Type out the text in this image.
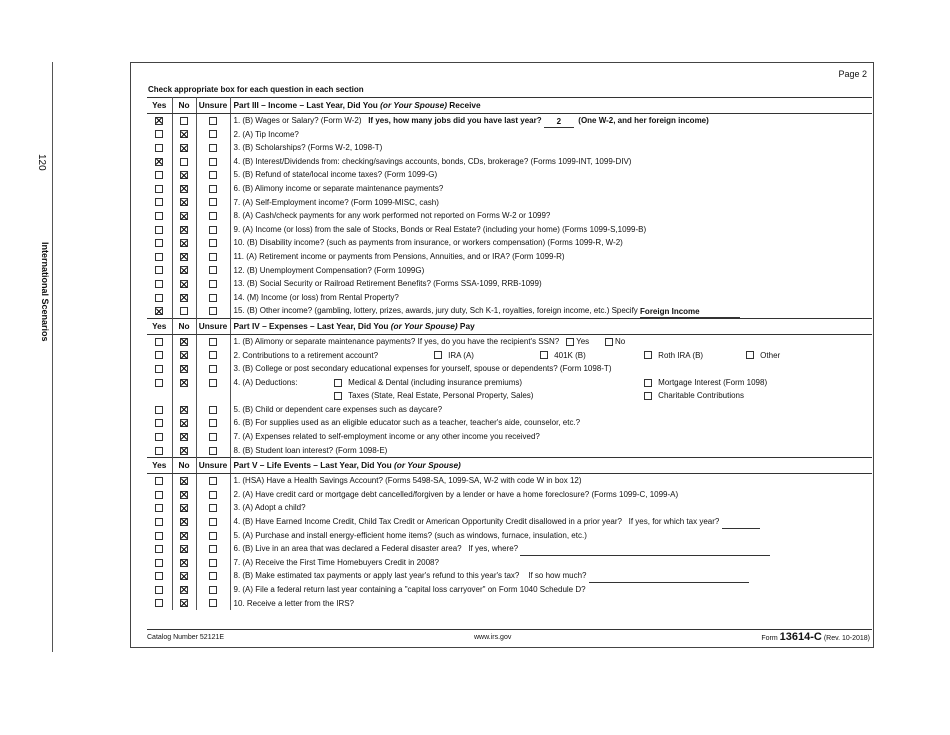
120
International Scenarios
Page 2
Check appropriate box for each question in each section
Yes	No	Unsure	Part III – Income – Last Year, Did You (or Your Spouse) Receive
			1. (B) Wages or Salary? (Form W-2) If yes, how many jobs did you have last year? 2 (One W-2, and her foreign income)
			2. (A) Tip Income?
			3. (B) Scholarships? (Forms W-2, 1098-T)
			4. (B) Interest/Dividends from: checking/savings accounts, bonds, CDs, brokerage? (Forms 1099-INT, 1099-DIV)
			5. (B) Refund of state/local income taxes? (Form 1099-G)
			6. (B) Alimony income or separate maintenance payments?
			7. (A) Self-Employment income? (Form 1099-MISC, cash)
			8. (A) Cash/check payments for any work performed not reported on Forms W-2 or 1099?
			9. (A) Income (or loss) from the sale of Stocks, Bonds or Real Estate? (including your home) (Forms 1099-S,1099-B)
			10. (B) Disability income? (such as payments from insurance, or workers compensation) (Forms 1099-R, W-2)
			11. (A) Retirement income or payments from Pensions, Annuities, and or IRA? (Form 1099-R)
			12. (B) Unemployment Compensation? (Form 1099G)
			13. (B) Social Security or Railroad Retirement Benefits? (Forms SSA-1099, RRB-1099)
			14. (M) Income (or loss) from Rental Property?
			15. (B) Other income? (gambling, lottery, prizes, awards, jury duty, Sch K-1, royalties, foreign income, etc.) Specify Foreign Income
Yes	No	Unsure	Part IV – Expenses – Last Year, Did You (or Your Spouse) Pay
			1. (B) Alimony or separate maintenance payments? If yes, do you have the recipient's SSN? Yes No

			2. Contributions to a retirement account? IRA (A) 401K (B) Roth IRA (B) Other

			3. (B) College or post secondary educational expenses for yourself, spouse or dependents? (Form 1098-T)

			4. (A) Deductions: Medical & Dental (including insurance premiums) Mortgage Interest (Form 1098)

			Taxes (State, Real Estate, Personal Property, Sales) Charitable Contributions

			5. (B) Child or dependent care expenses such as daycare?
			6. (B) For supplies used as an eligible educator such as a teacher, teacher's aide, counselor, etc.?
			7. (A) Expenses related to self-employment income or any other income you received?
			8. (B) Student loan interest? (Form 1098-E)
Yes	No	Unsure	Part V – Life Events – Last Year, Did You (or Your Spouse)
			1. (HSA) Have a Health Savings Account? (Forms 5498-SA, 1099-SA, W-2 with code W in box 12)
			2. (A) Have credit card or mortgage debt cancelled/forgiven by a lender or have a home foreclosure? (Forms 1099-C, 1099-A)
			3. (A) Adopt a child?
			4. (B) Have Earned Income Credit, Child Tax Credit or American Opportunity Credit disallowed in a prior year? If yes, for which tax year?
			5. (A) Purchase and install energy-efficient home items? (such as windows, furnace, insulation, etc.)
			6. (B) Live in an area that was declared a Federal disaster area? If yes, where?
			7. (A) Receive the First Time Homebuyers Credit in 2008?
			8. (B) Make estimated tax payments or apply last year's refund to this year's tax? If so how much?
			9. (A) File a federal return last year containing a "capital loss carryover" on Form 1040 Schedule D?
			10. Receive a letter from the IRS?
Catalog Number 52121E	www.irs.gov	Form 13614-C (Rev. 10-2018)
